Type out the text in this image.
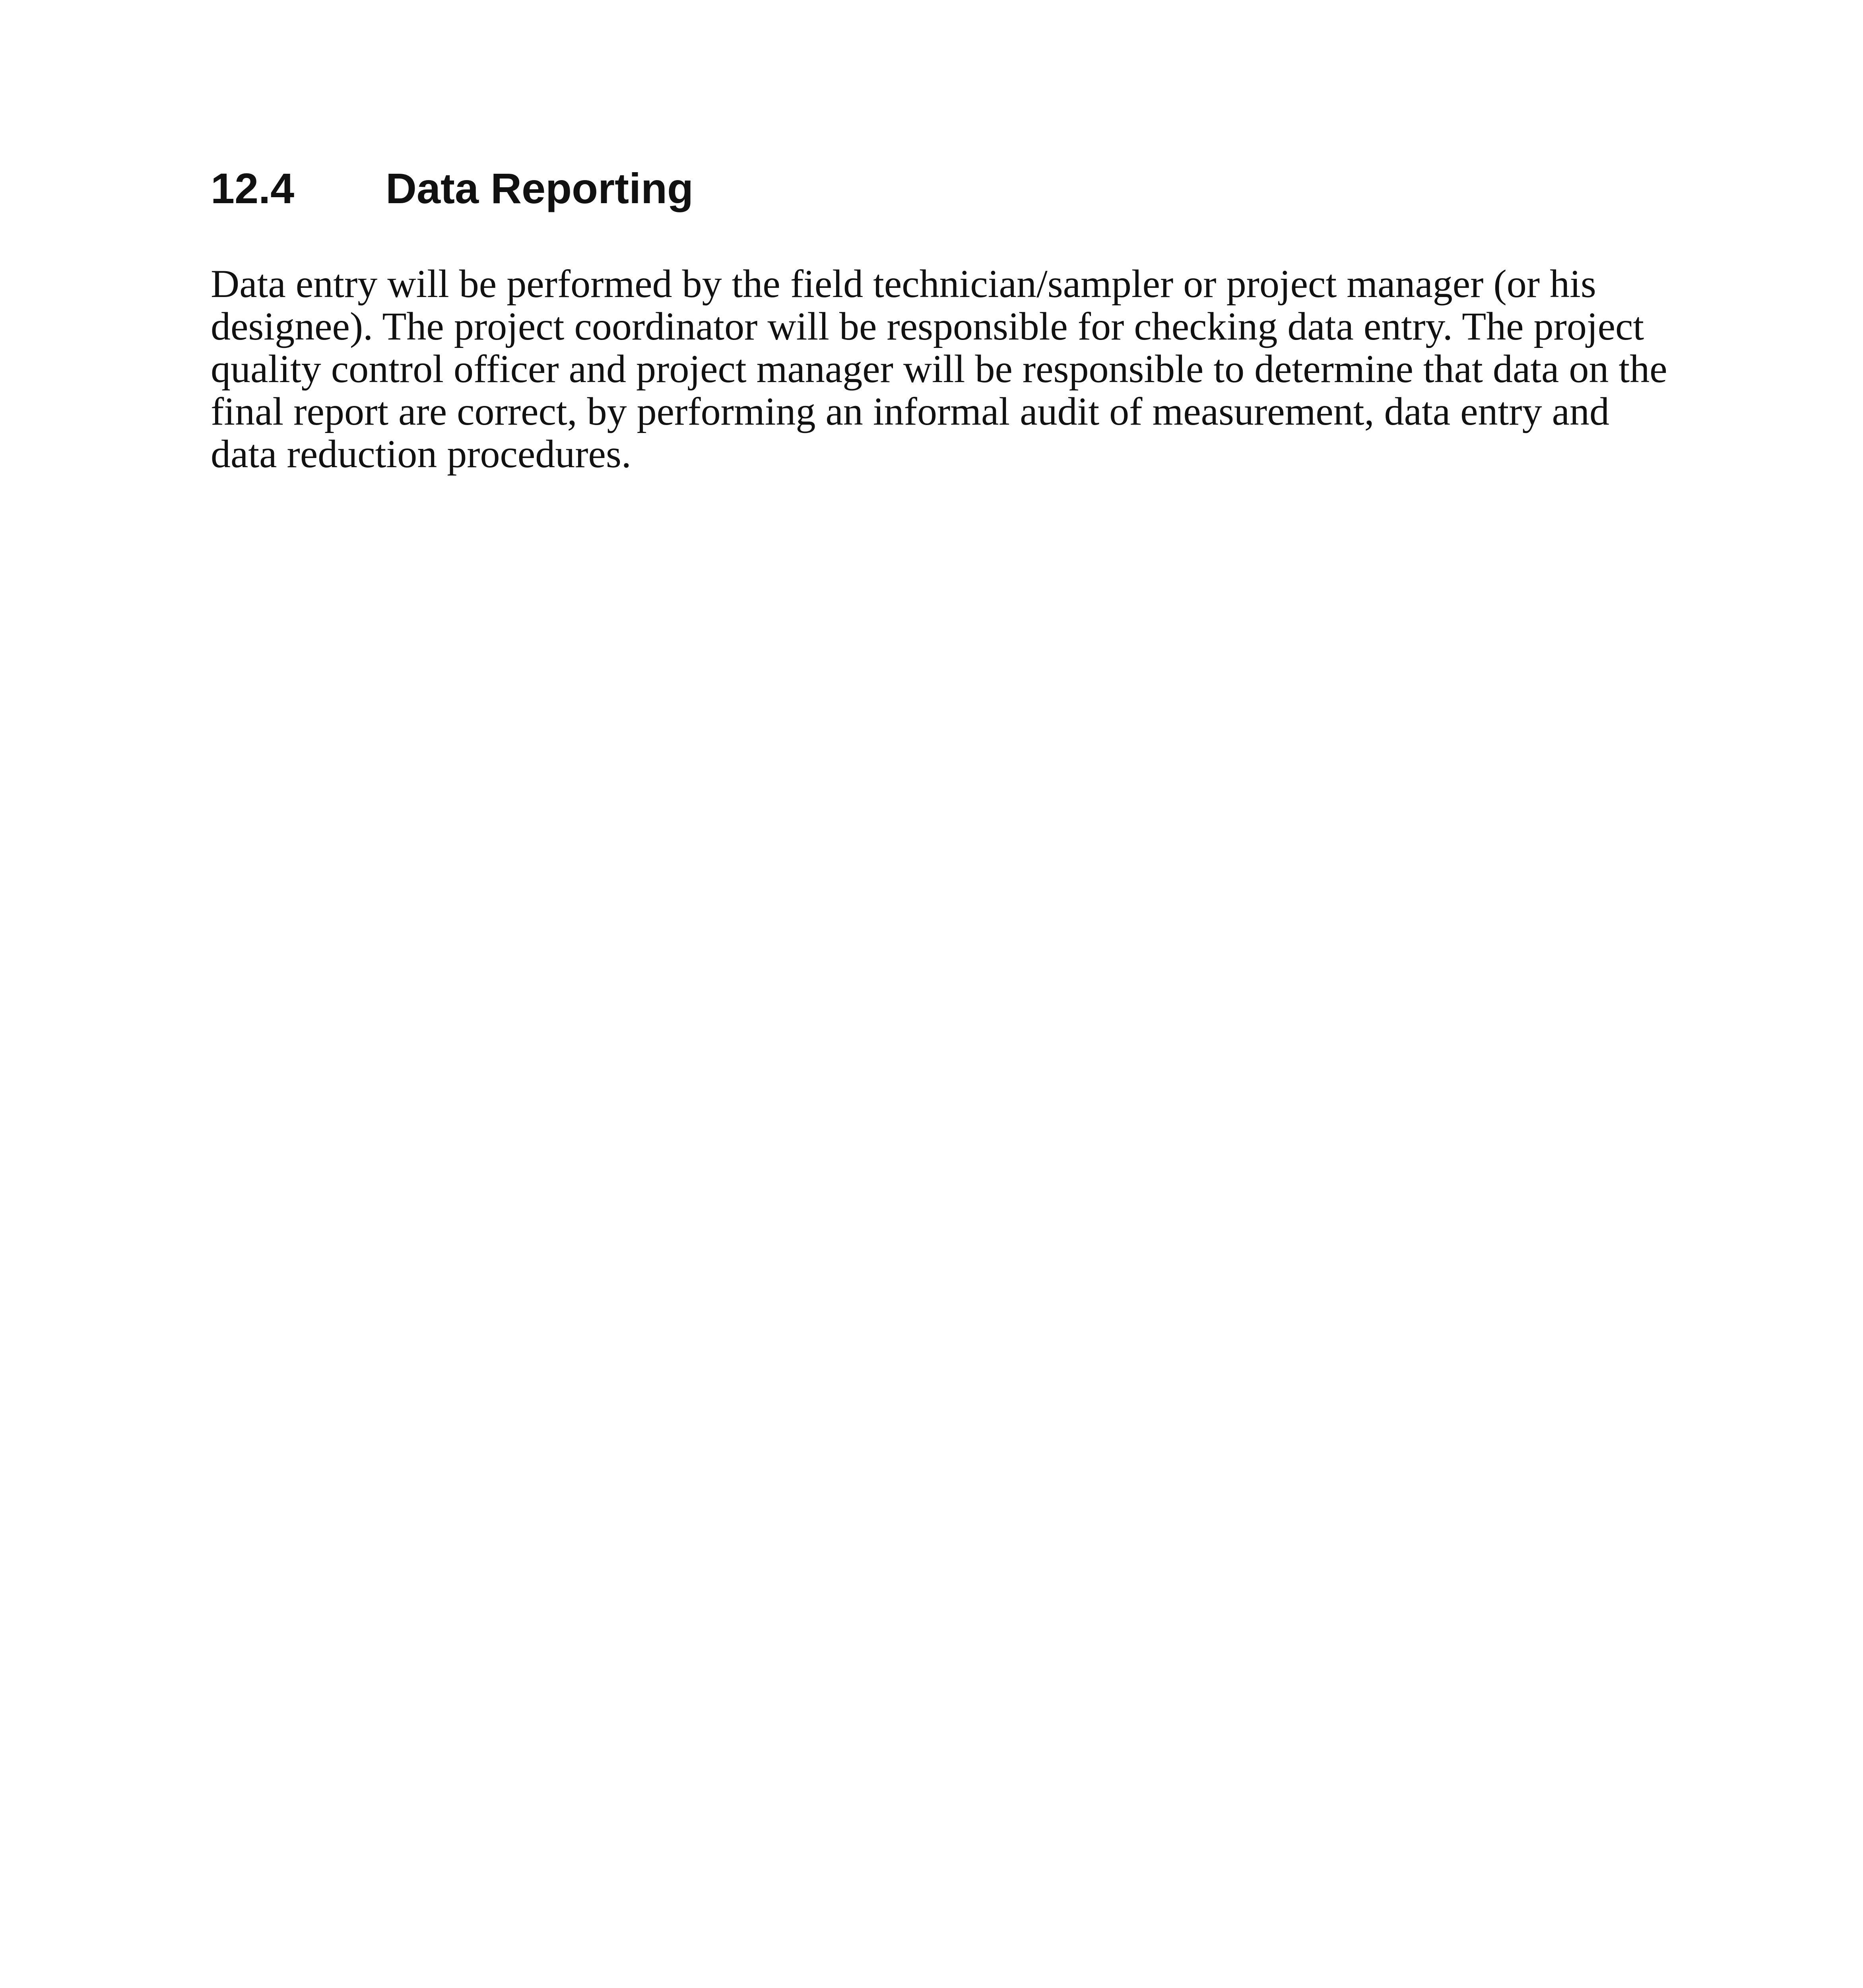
12.4 Data Reporting

Data entry will be performed by the field technician/sampler or project manager (or his
designee). The project coordinator will be responsible for checking data entry. The project
quality control officer and project manager will be responsible to determine that data on the
final report are correct, by performing an informal audit of measurement, data entry and
data reduction procedures.
